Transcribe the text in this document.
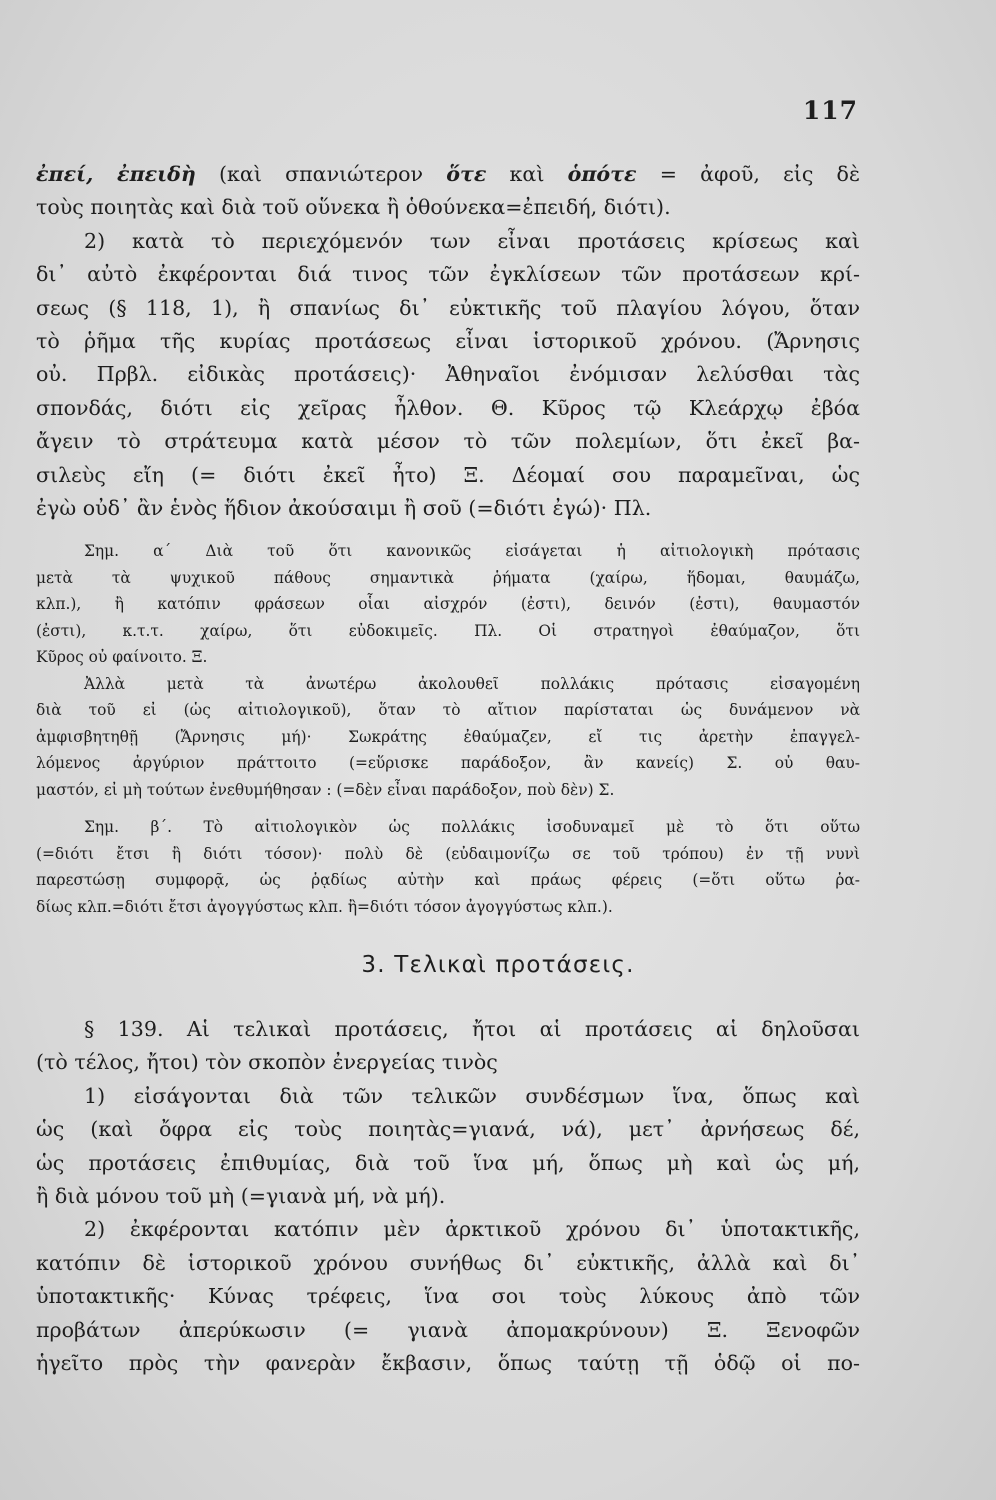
117
ἐπεί, ἐπειδὴ (καὶ σπανιώτερον ὅτε καὶ ὁπότε = ἀφοῦ, εἰς δὲ
τοὺς ποιητὰς καὶ διὰ τοῦ οὕνεκα ἢ ὁθούνεκα=ἐπειδή, διότι).
2) κατὰ τὸ περιεχόμενόν των εἶναι προτάσεις κρίσεως καὶ
δι᾿ αὐτὸ ἐκφέρονται διά τινος τῶν ἐγκλίσεων τῶν προτάσεων κρί-
σεως (§ 118, 1), ἢ σπανίως δι᾿ εὐκτικῆς τοῦ πλαγίου λόγου, ὅταν
τὸ ῥῆμα τῆς κυρίας προτάσεως εἶναι ἱστορικοῦ χρόνου. (Ἄρνησις
οὐ. Πρβλ. εἰδικὰς προτάσεις)· Ἀθηναῖοι ἐνόμισαν λελύσθαι τὰς
σπονδάς, διότι εἰς χεῖρας ἦλθον. Θ. Κῦρος τῷ Κλεάρχῳ ἐβόα
ἄγειν τὸ στράτευμα κατὰ μέσον τὸ τῶν πολεμίων, ὅτι ἐκεῖ βα-
σιλεὺς εἴη (= διότι ἐκεῖ ἦτο) Ξ. Δέομαί σου παραμεῖναι, ὡς
ἐγὼ οὐδ᾿ ἂν ἑνὸς ἥδιον ἀκούσαιμι ἢ σοῦ (=διότι ἐγώ)· Πλ.
Σημ. α΄ Διὰ τοῦ ὅτι κανονικῶς εἰσάγεται ἡ αἰτιολογικὴ πρότασις
μετὰ τὰ ψυχικοῦ πάθους σημαντικὰ ῥήματα (χαίρω, ἥδομαι, θαυμάζω,
κλπ.), ἢ κατόπιν φράσεων οἷαι αἰσχρόν (ἐστι), δεινόν (ἐστι), θαυμαστόν
(ἐστι), κ.τ.τ. χαίρω, ὅτι εὐδοκιμεῖς. Πλ. Οἱ στρατηγοὶ ἐθαύμαζον, ὅτι
Κῦρος οὐ φαίνοιτο. Ξ.
Ἀλλὰ μετὰ τὰ ἀνωτέρω ἀκολουθεῖ πολλάκις πρότασις εἰσαγομένη
διὰ τοῦ εἰ (ὡς αἰτιολογικοῦ), ὅταν τὸ αἴτιον παρίσταται ὡς δυνάμενον νὰ
ἀμφισβητηθῇ (Ἄρνησις μή)· Σωκράτης ἐθαύμαζεν, εἴ τις ἀρετὴν ἐπαγγελ-
λόμενος ἀργύριον πράττοιτο (=εὕρισκε παράδοξον, ἂν κανείς) Σ. οὐ θαυ-
μαστόν, εἰ μὴ τούτων ἐνεθυμήθησαν : (=δὲν εἶναι παράδοξον, ποὺ δὲν) Σ.
Σημ. β΄. Τὸ αἰτιολογικὸν ὡς πολλάκις ἰσοδυναμεῖ μὲ τὸ ὅτι οὕτω
(=διότι ἔτσι ἢ διότι τόσον)· πολὺ δὲ (εὐδαιμονίζω σε τοῦ τρόπου) ἐν τῇ νυνὶ
παρεστώσῃ συμφορᾷ, ὡς ῥᾳδίως αὐτὴν καὶ πράως φέρεις (=ὅτι οὕτω ῥα-
δίως κλπ.=διότι ἔτσι ἀγογγύστως κλπ. ἢ=διότι τόσον ἀγογγύστως κλπ.).
3. Τελικαὶ προτάσεις.
§ 139. Αἱ τελικαὶ προτάσεις, ἤτοι αἱ προτάσεις αἱ δηλοῦσαι
(τὸ τέλος, ἤτοι) τὸν σκοπὸν ἐνεργείας τινὸς
1) εἰσάγονται διὰ τῶν τελικῶν συνδέσμων ἵνα, ὅπως καὶ
ὡς (καὶ ὄφρα εἰς τοὺς ποιητὰς=γιανά, νά), μετ᾿ ἀρνήσεως δέ,
ὡς προτάσεις ἐπιθυμίας, διὰ τοῦ ἵνα μή, ὅπως μὴ καὶ ὡς μή,
ἢ διὰ μόνου τοῦ μὴ (=γιανὰ μή, νὰ μή).
2) ἐκφέρονται κατόπιν μὲν ἀρκτικοῦ χρόνου δι᾿ ὑποτακτικῆς,
κατόπιν δὲ ἱστορικοῦ χρόνου συνήθως δι᾿ εὐκτικῆς, ἀλλὰ καὶ δι᾿
ὑποτακτικῆς· Κύνας τρέφεις, ἵνα σοι τοὺς λύκους ἀπὸ τῶν
προβάτων ἀπερύκωσιν (= γιανὰ ἀπομακρύνουν) Ξ. Ξενοφῶν
ἡγεῖτο πρὸς τὴν φανερὰν ἔκβασιν, ὅπως ταύτῃ τῇ ὁδῷ οἱ πο-
